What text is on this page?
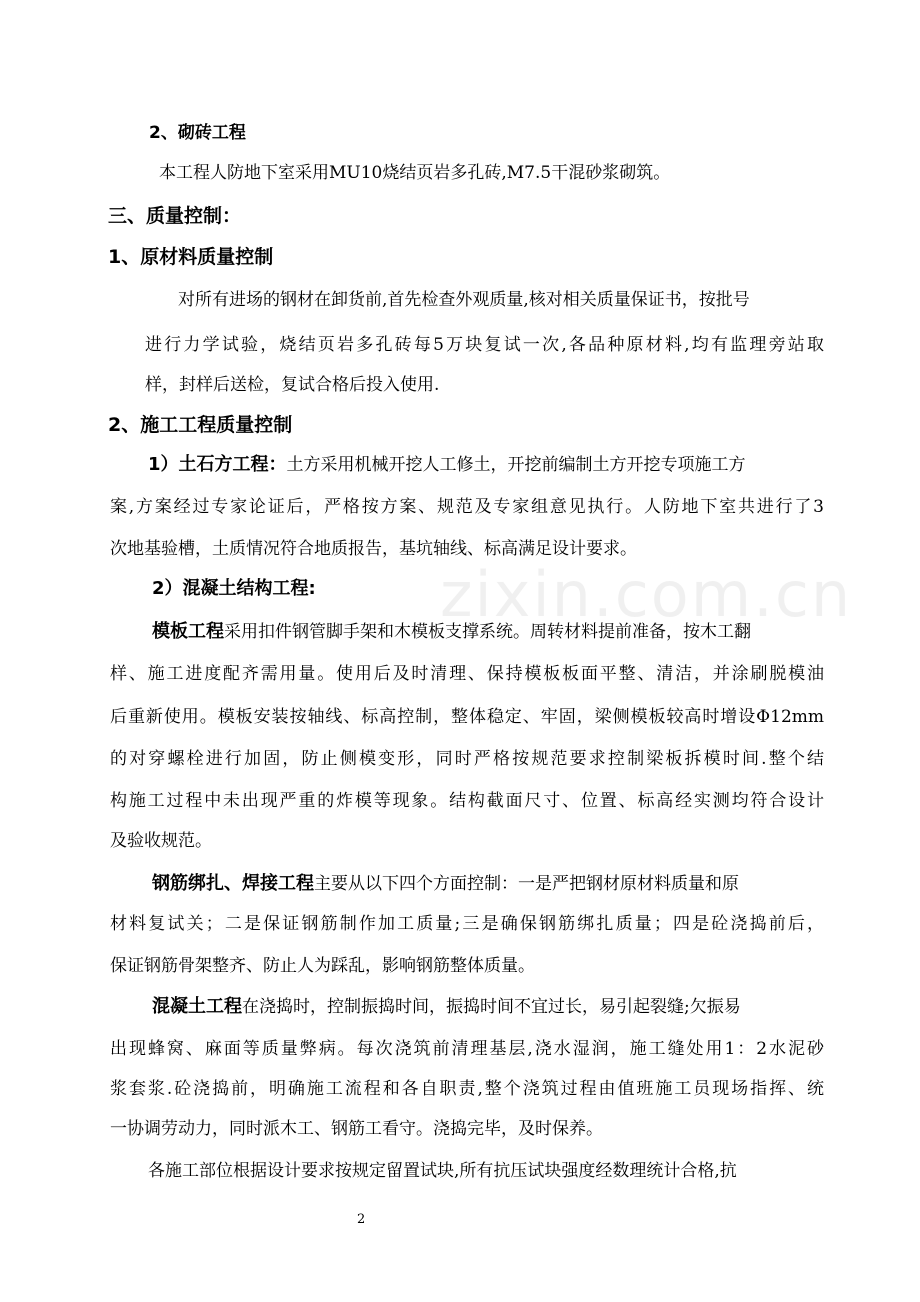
zixin.com.cn
2、砌砖工程
本工程人防地下室采用MU10烧结页岩多孔砖,M7.5干混砂浆砌筑。
三、质量控制：
1、原材料质量控制
对所有进场的钢材在卸货前,首先检查外观质量,核对相关质量保证书，按批号
进行力学试验，烧结页岩多孔砖每5万块复试一次,各品种原材料,均有监理旁站取
样，封样后送检，复试合格后投入使用.
2、施工工程质量控制
1）土石方工程：土方采用机械开挖人工修土，开挖前编制土方开挖专项施工方
案,方案经过专家论证后，严格按方案、规范及专家组意见执行。人防地下室共进行了3
次地基验槽，土质情况符合地质报告，基坑轴线、标高满足设计要求。
2）混凝土结构工程:
模板工程采用扣件钢管脚手架和木模板支撑系统。周转材料提前准备，按木工翻
样、施工进度配齐需用量。使用后及时清理、保持模板板面平整、清洁，并涂刷脱模油
后重新使用。模板安装按轴线、标高控制，整体稳定、牢固，梁侧模板较高时增设Φ12mm
的对穿螺栓进行加固，防止侧模变形，同时严格按规范要求控制梁板拆模时间.整个结
构施工过程中未出现严重的炸模等现象。结构截面尺寸、位置、标高经实测均符合设计
及验收规范。
钢筋绑扎、焊接工程主要从以下四个方面控制：一是严把钢材原材料质量和原
材料复试关；二是保证钢筋制作加工质量;三是确保钢筋绑扎质量；四是砼浇捣前后，
保证钢筋骨架整齐、防止人为踩乱，影响钢筋整体质量。
混凝土工程在浇捣时，控制振捣时间，振捣时间不宜过长，易引起裂缝;欠振易
出现蜂窝、麻面等质量弊病。每次浇筑前清理基层,浇水湿润，施工缝处用1：2水泥砂
浆套浆.砼浇捣前，明确施工流程和各自职责,整个浇筑过程由值班施工员现场指挥、统
一协调劳动力，同时派木工、钢筋工看守。浇捣完毕，及时保养。
各施工部位根据设计要求按规定留置试块,所有抗压试块强度经数理统计合格,抗
2
